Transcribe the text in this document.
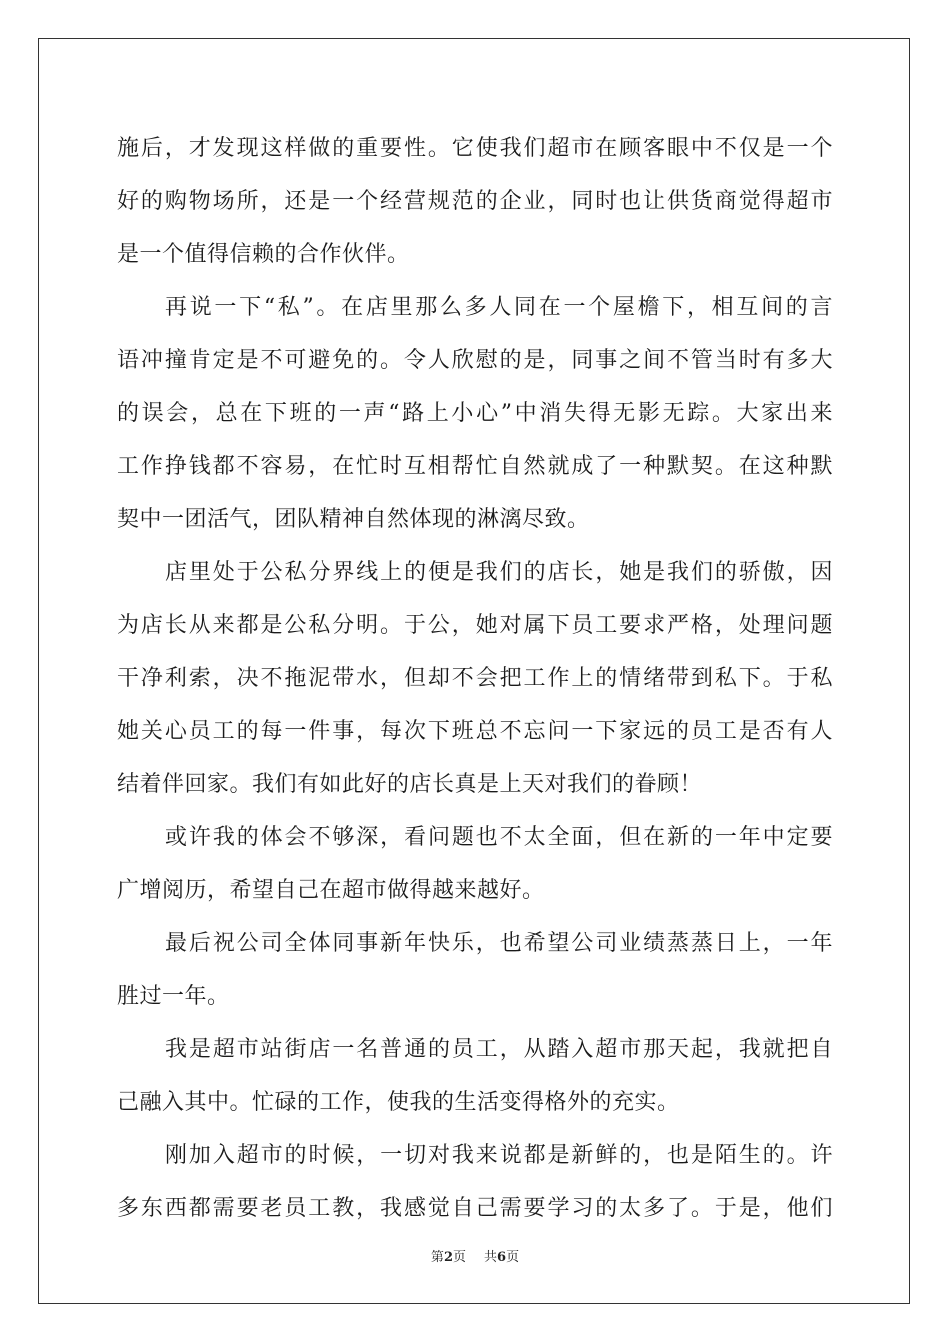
施后，才发现这样做的重要性。它使我们超市在顾客眼中不仅是一个
好的购物场所，还是一个经营规范的企业，同时也让供货商觉得超市
是一个值得信赖的合作伙伴。
再说一下“私”。在店里那么多人同在一个屋檐下，相互间的言
语冲撞肯定是不可避免的。令人欣慰的是，同事之间不管当时有多大
的误会，总在下班的一声“路上小心”中消失得无影无踪。大家出来
工作挣钱都不容易，在忙时互相帮忙自然就成了一种默契。在这种默
契中一团活气，团队精神自然体现的淋漓尽致。
店里处于公私分界线上的便是我们的店长，她是我们的骄傲，因
为店长从来都是公私分明。于公，她对属下员工要求严格，处理问题
干净利索，决不拖泥带水，但却不会把工作上的情绪带到私下。于私
她关心员工的每一件事，每次下班总不忘问一下家远的员工是否有人
结着伴回家。我们有如此好的店长真是上天对我们的眷顾！
或许我的体会不够深，看问题也不太全面，但在新的一年中定要
广增阅历，希望自己在超市做得越来越好。
最后祝公司全体同事新年快乐，也希望公司业绩蒸蒸日上，一年
胜过一年。
我是超市站街店一名普通的员工，从踏入超市那天起，我就把自
己融入其中。忙碌的工作，使我的生活变得格外的充实。
刚加入超市的时候，一切对我来说都是新鲜的，也是陌生的。许
多东西都需要老员工教，我感觉自己需要学习的太多了。于是，他们
第2页 共6页
